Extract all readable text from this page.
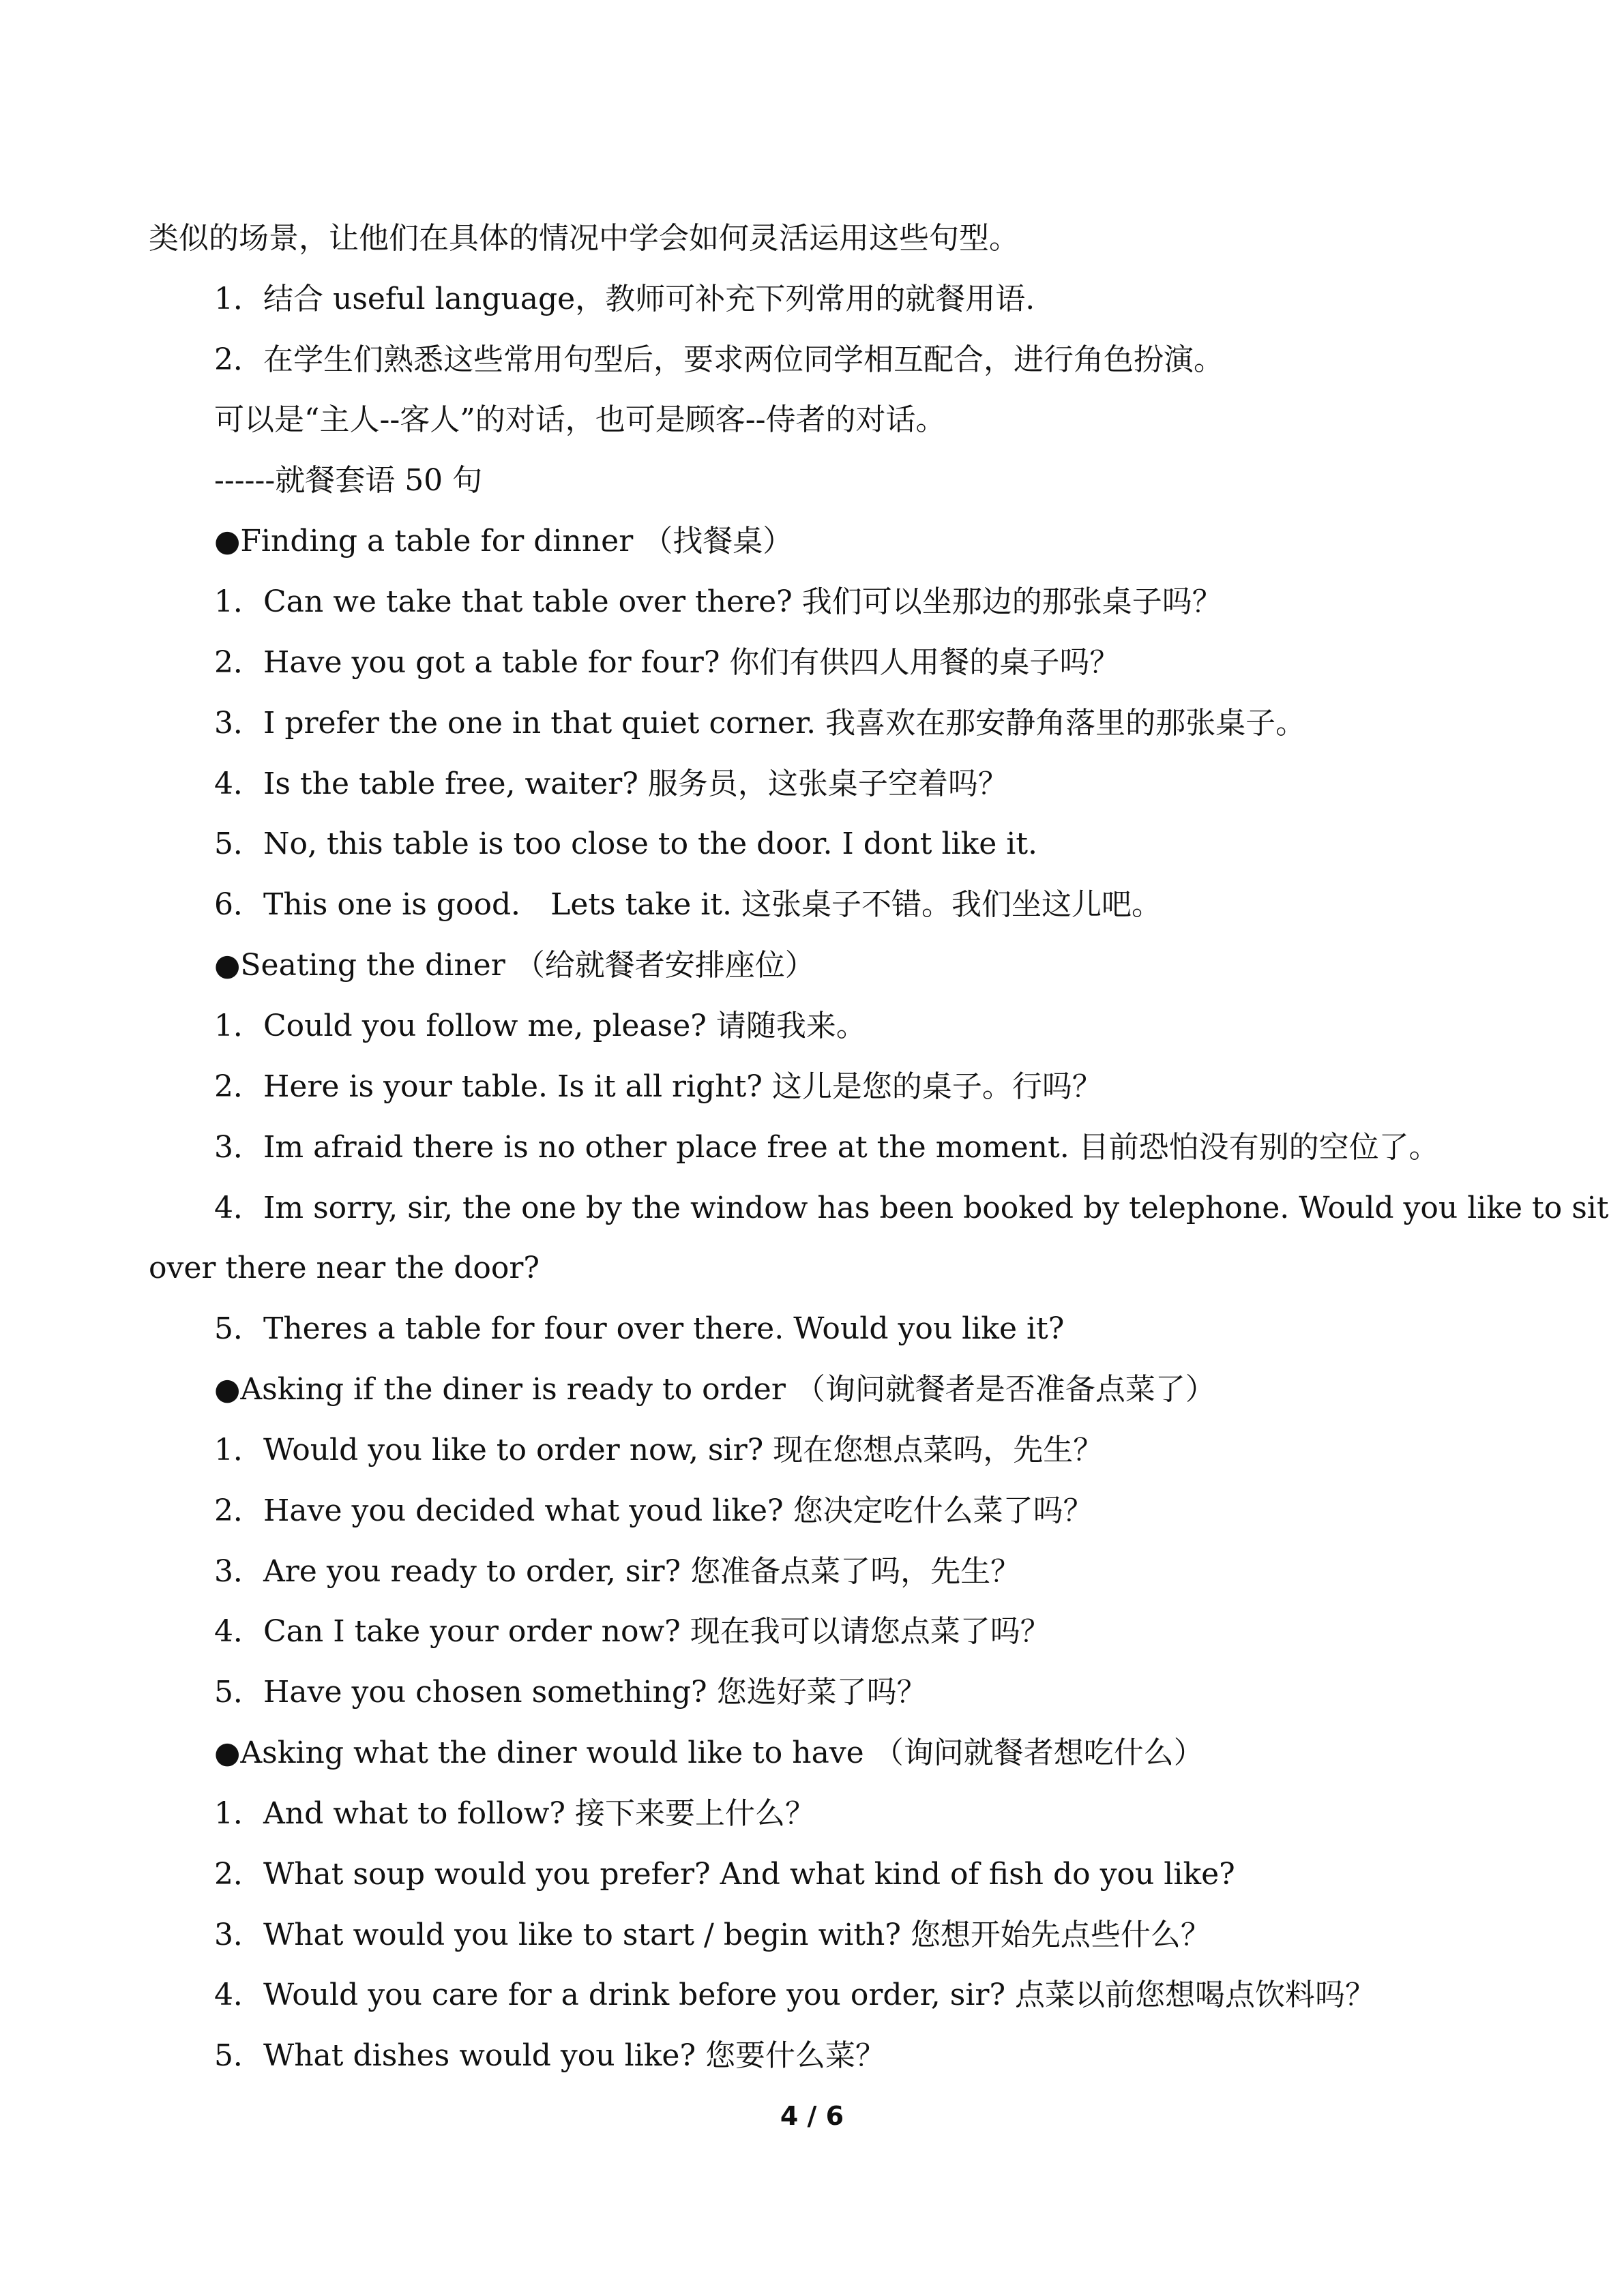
类似的场景，让他们在具体的情况中学会如何灵活运用这些句型。
1．结合 useful language，教师可补充下列常用的就餐用语.
2．在学生们熟悉这些常用句型后，要求两位同学相互配合，进行角色扮演。
可以是“主人--客人”的对话，也可是顾客--侍者的对话。
------就餐套语 50 句
●Finding a table for dinner （找餐桌）
1．Can we take that table over there? 我们可以坐那边的那张桌子吗？
2．Have you got a table for four? 你们有供四人用餐的桌子吗？
3．I prefer the one in that quiet corner. 我喜欢在那安静角落里的那张桌子。
4．Is the table free, waiter? 服务员，这张桌子空着吗？
5．No, this table is too close to the door. I dont like it.
6．This one is good． Lets take it. 这张桌子不错。我们坐这儿吧。
●Seating the diner （给就餐者安排座位）
1．Could you follow me, please? 请随我来。
2．Here is your table. Is it all right? 这儿是您的桌子。行吗？
3．Im afraid there is no other place free at the moment. 目前恐怕没有别的空位了。
4．Im sorry, sir, the one by the window has been booked by telephone. Would you like to sit
over there near the door?
5．Theres a table for four over there. Would you like it?
●Asking if the diner is ready to order （询问就餐者是否准备点菜了）
1．Would you like to order now, sir? 现在您想点菜吗，先生？
2．Have you decided what youd like? 您决定吃什么菜了吗？
3．Are you ready to order, sir? 您准备点菜了吗，先生？
4．Can I take your order now? 现在我可以请您点菜了吗？
5．Have you chosen something? 您选好菜了吗？
●Asking what the diner would like to have （询问就餐者想吃什么）
1．And what to follow? 接下来要上什么？
2．What soup would you prefer? And what kind of fish do you like?
3．What would you like to start / begin with? 您想开始先点些什么？
4．Would you care for a drink before you order, sir? 点菜以前您想喝点饮料吗？
5．What dishes would you like? 您要什么菜？
4 / 6
